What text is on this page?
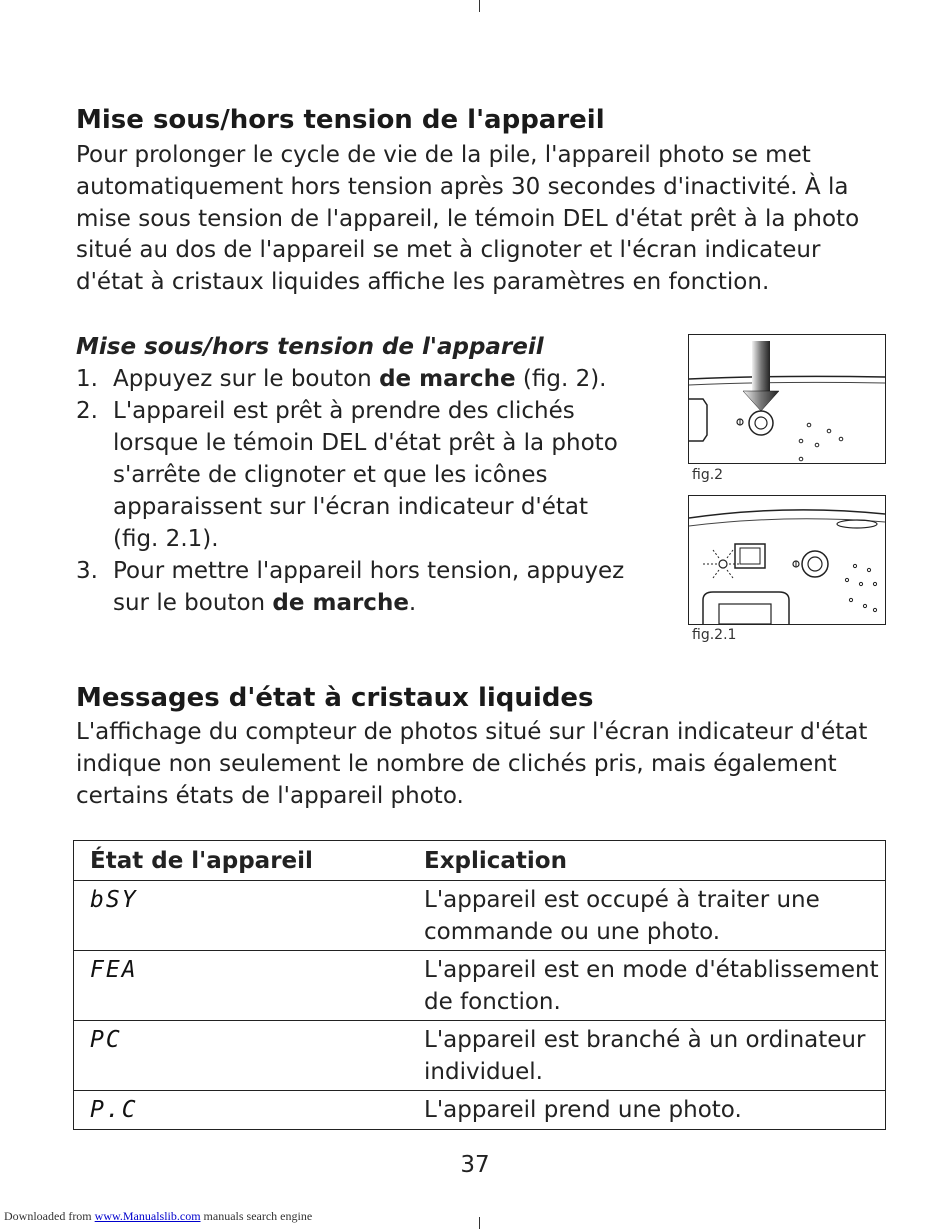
Mise sous/hors tension de l'appareil

Pour prolonger le cycle de vie de la pile, l'appareil photo se met automatiquement hors tension après 30 secondes d'inactivité. À la mise sous tension de l'appareil, le témoin DEL d'état prêt à la photo situé au dos de l'appareil se met à clignoter et l'écran indicateur d'état à cristaux liquides affiche les paramètres en fonction.

Mise sous/hors tension de l'appareil
1. Appuyez sur le bouton de marche (fig. 2).
2. L'appareil est prêt à prendre des clichés lorsque le témoin DEL d'état prêt à la photo s'arrête de clignoter et que les icônes apparaissent sur l'écran indicateur d'état (fig. 2.1).
3. Pour mettre l'appareil hors tension, appuyez sur le bouton de marche.
fig.2
fig.2.1
Messages d'état à cristaux liquides

L'affichage du compteur de photos situé sur l'écran indicateur d'état indique non seulement le nombre de clichés pris, mais également certains états de l'appareil photo.

État de l'appareil	Explication
bSY	L'appareil est occupé à traiter une commande ou une photo.
FEA	L'appareil est en mode d'établissement de fonction.
PC	L'appareil est branché à un ordinateur individuel.
P.C	L'appareil prend une photo.
37
Downloaded from www.Manualslib.com manuals search engine
